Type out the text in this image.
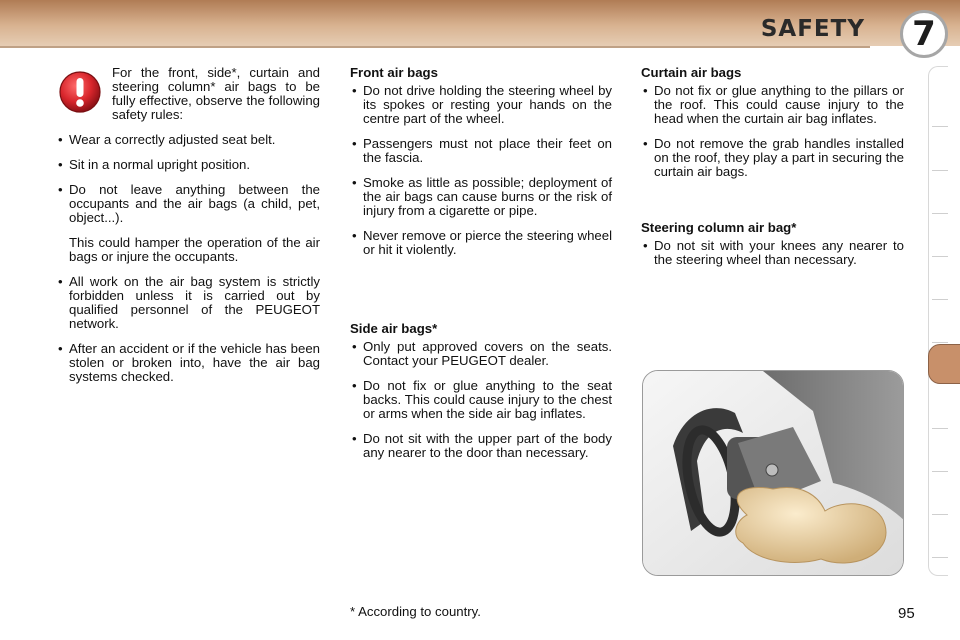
SAFETY	7
For the front, side*, curtain and steering column* air bags to be fully effective, observe the following safety rules:
• Wear a correctly adjusted seat belt.
• Sit in a normal upright position.
• Do not leave anything between the occupants and the air bags (a child, pet, object...).
This could hamper the operation of the air bags or injure the occupants.
• All work on the air bag system is strictly forbidden unless it is carried out by qualified personnel of the PEUGEOT network.
• After an accident or if the vehicle has been stolen or broken into, have the air bag systems checked.
Front air bags
• Do not drive holding the steering wheel by its spokes or resting your hands on the centre part of the wheel.
• Passengers must not place their feet on the fascia.
• Smoke as little as possible; deployment of the air bags can cause burns or the risk of injury from a cigarette or pipe.
• Never remove or pierce the steering wheel or hit it violently.
Side air bags*
• Only put approved covers on the seats. Contact your PEUGEOT dealer.
• Do not fix or glue anything to the seat backs. This could cause injury to the chest or arms when the side air bag inflates.
• Do not sit with the upper part of the body any nearer to the door than necessary.
Curtain air bags
• Do not fix or glue anything to the pillars or the roof. This could cause injury to the head when the curtain air bag inflates.
• Do not remove the grab handles installed on the roof, they play a part in securing the curtain air bags.
Steering column air bag*
• Do not sit with your knees any nearer to the steering wheel than necessary.
* According to country.	95
